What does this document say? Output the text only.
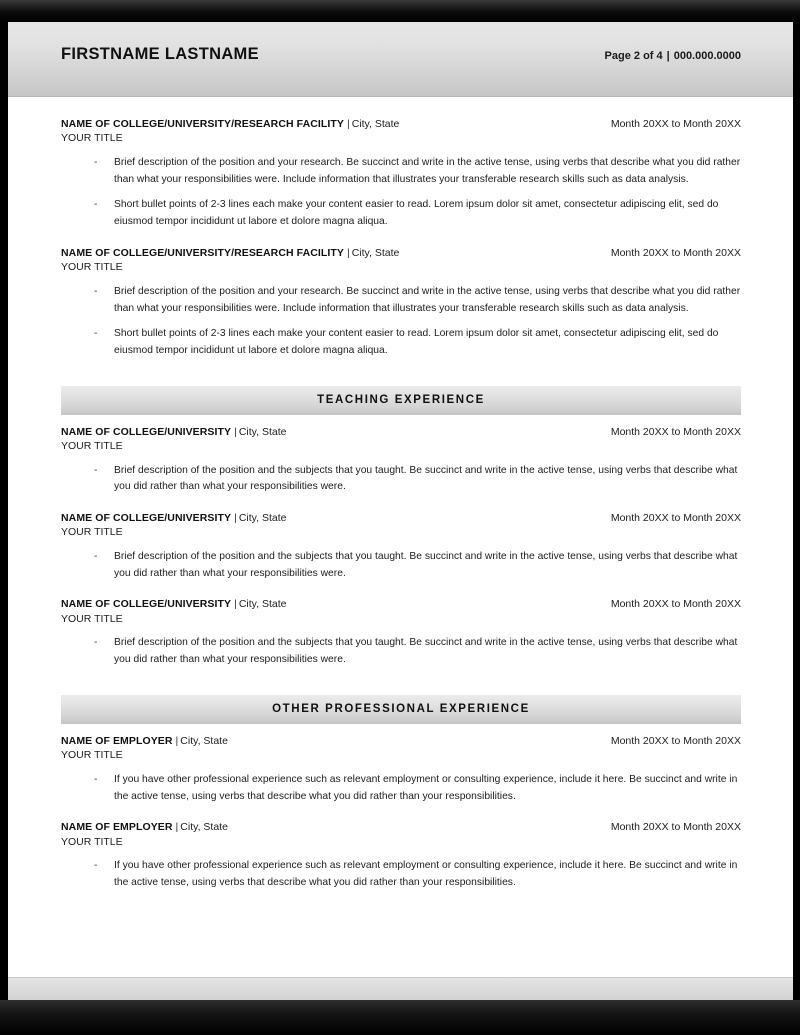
FIRSTNAME LASTNAME	Page 2 of 4 | 000.000.0000
NAME OF COLLEGE/UNIVERSITY/RESEARCH FACILITY | City, State	Month 20XX to Month 20XX
YOUR TITLE
- Brief description of the position and your research. Be succinct and write in the active tense, using verbs that describe what you did rather than what your responsibilities were. Include information that illustrates your transferable research skills such as data analysis.
- Short bullet points of 2-3 lines each make your content easier to read. Lorem ipsum dolor sit amet, consectetur adipiscing elit, sed do eiusmod tempor incididunt ut labore et dolore magna aliqua.
NAME OF COLLEGE/UNIVERSITY/RESEARCH FACILITY | City, State	Month 20XX to Month 20XX
YOUR TITLE
- Brief description of the position and your research. Be succinct and write in the active tense, using verbs that describe what you did rather than what your responsibilities were. Include information that illustrates your transferable research skills such as data analysis.
- Short bullet points of 2-3 lines each make your content easier to read. Lorem ipsum dolor sit amet, consectetur adipiscing elit, sed do eiusmod tempor incididunt ut labore et dolore magna aliqua.
TEACHING EXPERIENCE
NAME OF COLLEGE/UNIVERSITY | City, State	Month 20XX to Month 20XX
YOUR TITLE
- Brief description of the position and the subjects that you taught. Be succinct and write in the active tense, using verbs that describe what you did rather than what your responsibilities were.
NAME OF COLLEGE/UNIVERSITY | City, State	Month 20XX to Month 20XX
YOUR TITLE
- Brief description of the position and the subjects that you taught. Be succinct and write in the active tense, using verbs that describe what you did rather than what your responsibilities were.
NAME OF COLLEGE/UNIVERSITY | City, State	Month 20XX to Month 20XX
YOUR TITLE
- Brief description of the position and the subjects that you taught. Be succinct and write in the active tense, using verbs that describe what you did rather than what your responsibilities were.
OTHER PROFESSIONAL EXPERIENCE
NAME OF EMPLOYER | City, State	Month 20XX to Month 20XX
YOUR TITLE
- If you have other professional experience such as relevant employment or consulting experience, include it here. Be succinct and write in the active tense, using verbs that describe what you did rather than your responsibilities.
NAME OF EMPLOYER | City, State	Month 20XX to Month 20XX
YOUR TITLE
- If you have other professional experience such as relevant employment or consulting experience, include it here. Be succinct and write in the active tense, using verbs that describe what you did rather than your responsibilities.
